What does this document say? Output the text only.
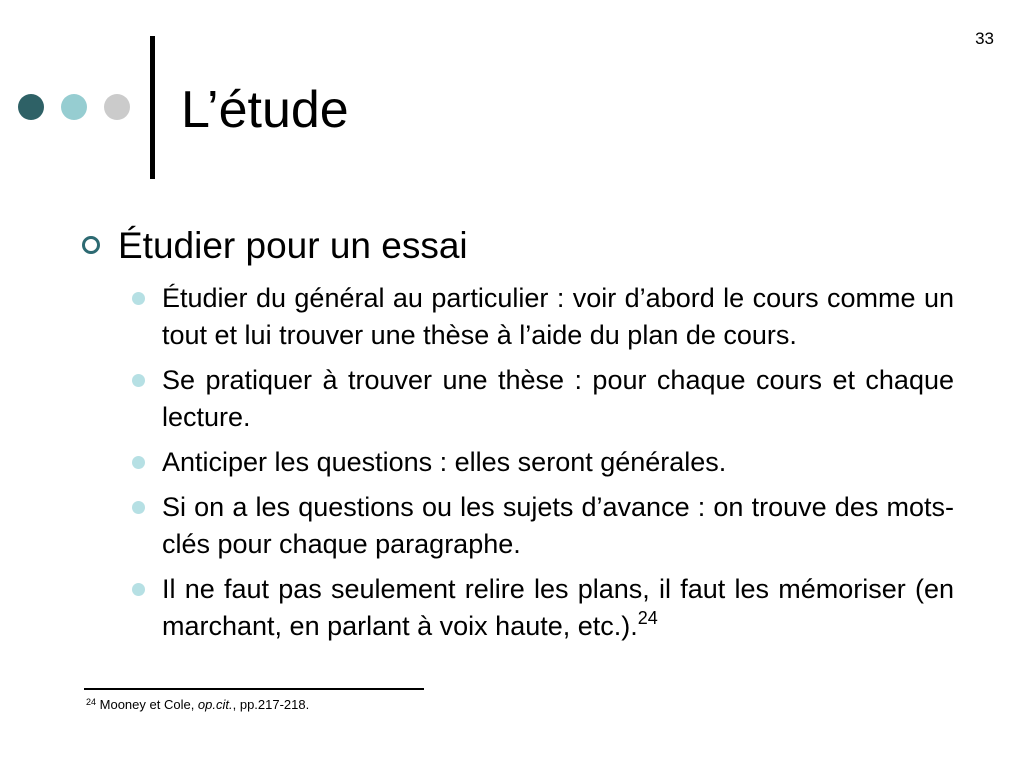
33
L’étude
Étudier pour un essai
Étudier du général au particulier : voir d’abord le cours comme un tout et lui trouver une thèse à l’aide du plan de cours.
Se pratiquer à trouver une thèse : pour chaque cours et chaque lecture.
Anticiper les questions : elles seront générales.
Si on a les questions ou les sujets d’avance : on trouve des mots-clés pour chaque paragraphe.
Il ne faut pas seulement relire les plans, il faut les mémoriser (en marchant, en parlant à voix haute, etc.).$^{24}$
$^{24}$ Mooney et Cole, op.cit., pp.217-218.
